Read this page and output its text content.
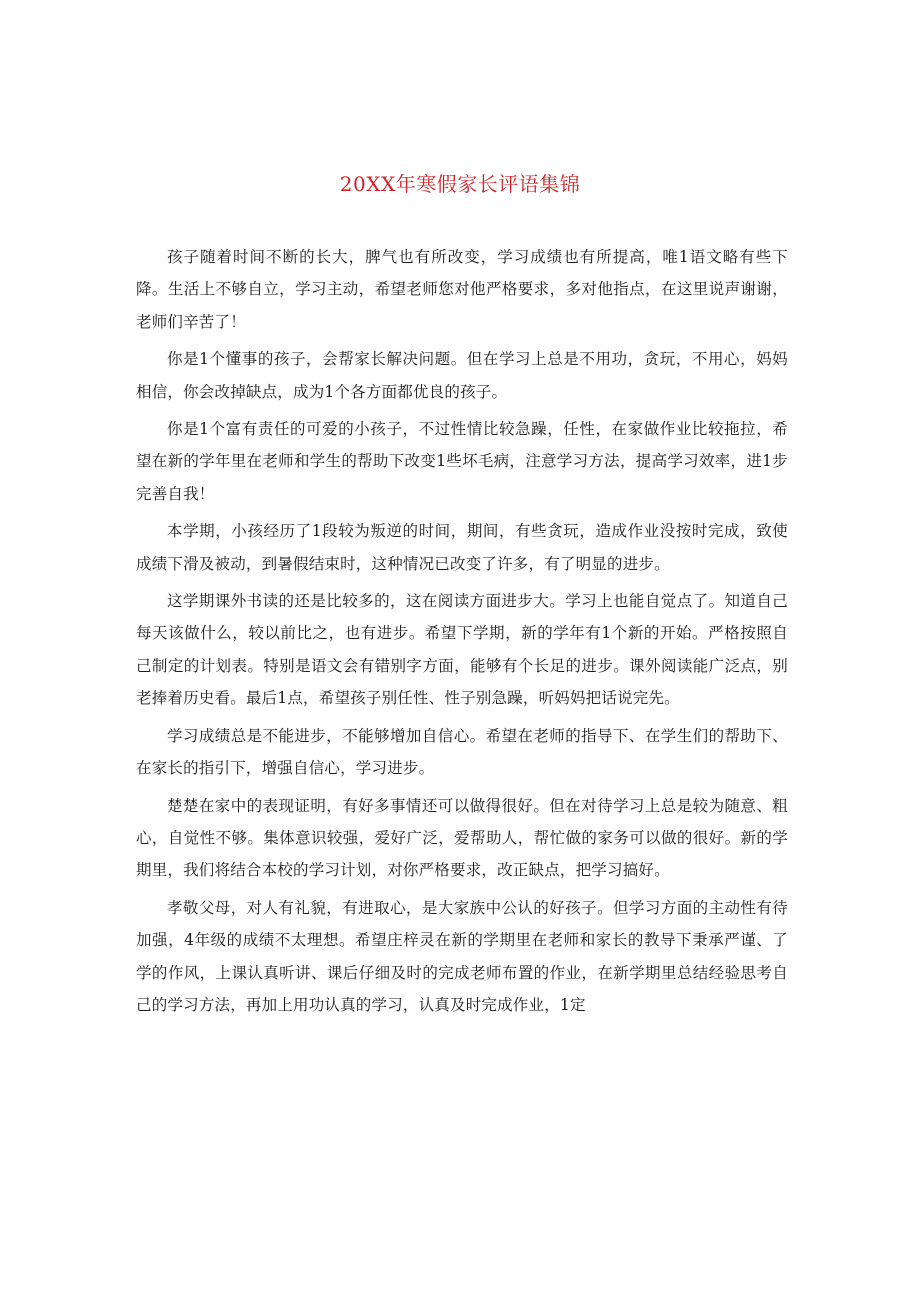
20XX年寒假家长评语集锦

孩子随着时间不断的长大，脾气也有所改变，学习成绩也有所提高，唯1语文略有些下降。生活上不够自立，学习主动，希望老师您对他严格要求，多对他指点，在这里说声谢谢，老师们辛苦了！

你是1个懂事的孩子，会帮家长解决问题。但在学习上总是不用功，贪玩，不用心，妈妈相信，你会改掉缺点，成为1个各方面都优良的孩子。

你是1个富有责任的可爱的小孩子，不过性情比较急躁，任性，在家做作业比较拖拉，希望在新的学年里在老师和学生的帮助下改变1些坏毛病，注意学习方法，提高学习效率，进1步完善自我！

本学期，小孩经历了1段较为叛逆的时间，期间，有些贪玩，造成作业没按时完成，致使成绩下滑及被动，到暑假结束时，这种情况已改变了许多，有了明显的进步。

这学期课外书读的还是比较多的，这在阅读方面进步大。学习上也能自觉点了。知道自己每天该做什么，较以前比之，也有进步。希望下学期，新的学年有1个新的开始。严格按照自己制定的计划表。特别是语文会有错别字方面，能够有个长足的进步。课外阅读能广泛点，别老捧着历史看。最后1点，希望孩子别任性、性子别急躁，听妈妈把话说完先。

学习成绩总是不能进步，不能够增加自信心。希望在老师的指导下、在学生们的帮助下、在家长的指引下，增强自信心，学习进步。

楚楚在家中的表现证明，有好多事情还可以做得很好。但在对待学习上总是较为随意、粗心，自觉性不够。集体意识较强，爱好广泛，爱帮助人，帮忙做的家务可以做的很好。新的学期里，我们将结合本校的学习计划，对你严格要求，改正缺点，把学习搞好。

孝敬父母，对人有礼貌，有进取心，是大家族中公认的好孩子。但学习方面的主动性有待加强，4年级的成绩不太理想。希望庄梓灵在新的学期里在老师和家长的教导下秉承严谨、了学的作风，上课认真听讲、课后仔细及时的完成老师布置的作业，在新学期里总结经验思考自己的学习方法，再加上用功认真的学习，认真及时完成作业，1定
